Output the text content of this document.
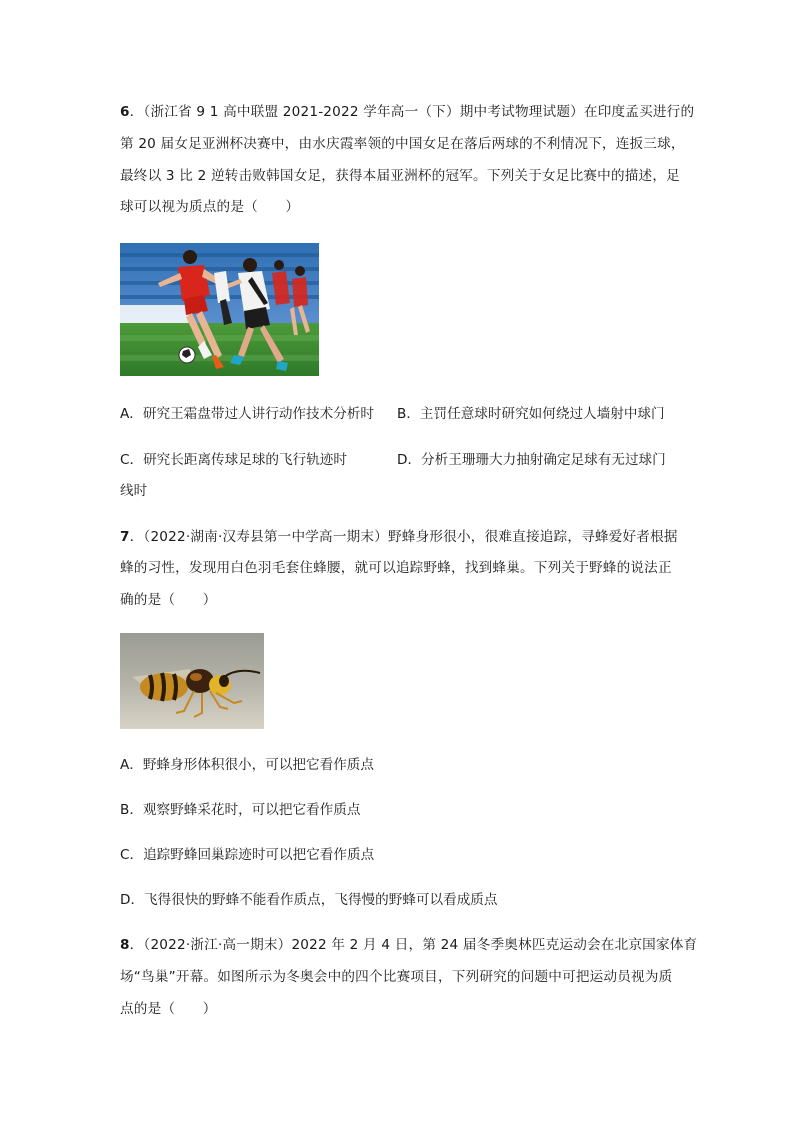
6．（浙江省 9 1 高中联盟 2021-2022 学年高一（下）期中考试物理试题）在印度孟买进行的
第 20 届女足亚洲杯决赛中，由水庆霞率领的中国女足在落后两球的不利情况下，连扳三球，
最终以 3 比 2 逆转击败韩国女足，获得本届亚洲杯的冠军。下列关于女足比赛中的描述，足
球可以视为质点的是（　　）
A．研究王霜盘带过人讲行动作技术分析时 B．主罚任意球时研究如何绕过人墙射中球门
C．研究长距离传球足球的飞行轨迹时	D．分析王珊珊大力抽射确定足球有无过球门
线时
7．（2022·湖南·汉寿县第一中学高一期末）野蜂身形很小，很难直接追踪，寻蜂爱好者根据
蜂的习性，发现用白色羽毛套住蜂腰，就可以追踪野蜂，找到蜂巢。下列关于野蜂的说法正
确的是（　　）
A．野蜂身形体积很小，可以把它看作质点
B．观察野蜂采花时，可以把它看作质点
C．追踪野蜂回巢踪迹时可以把它看作质点
D．飞得很快的野蜂不能看作质点，飞得慢的野蜂可以看成质点
8．（2022·浙江·高一期末）2022 年 2 月 4 日，第 24 届冬季奥林匹克运动会在北京国家体育
场“鸟巢”开幕。如图所示为冬奥会中的四个比赛项目，下列研究的问题中可把运动员视为质
点的是（　　）
